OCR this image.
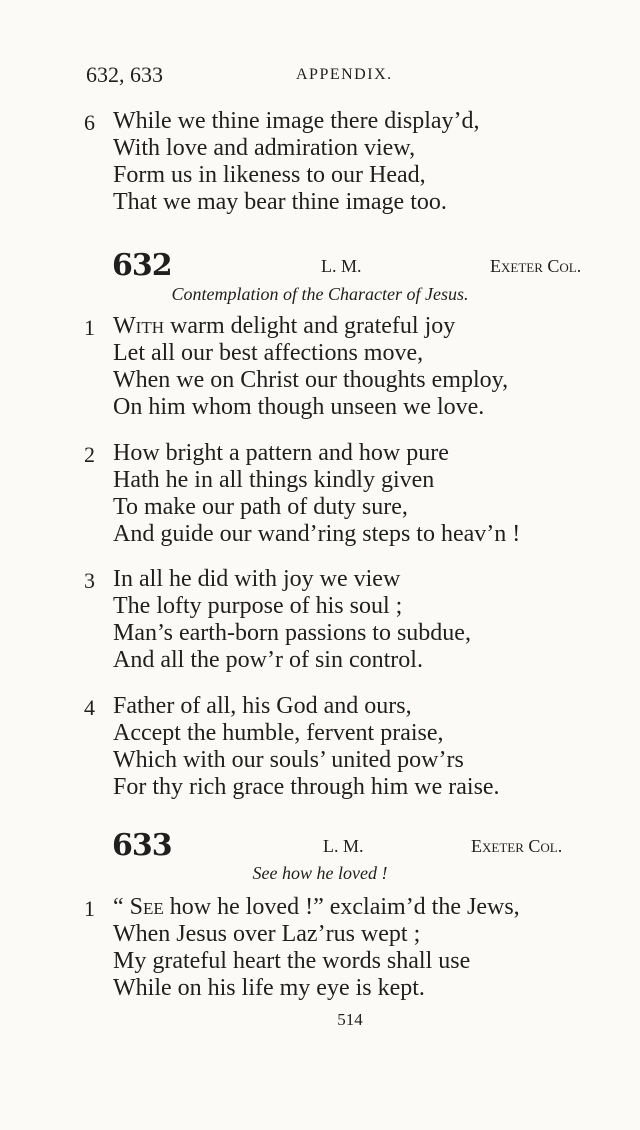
632, 633	APPENDIX.
6 While we thine image there display’d,
With love and admiration view,
Form us in likeness to our Head,
That we may bear thine image too.
632	L. M.	Exeter Col.
Contemplation of the Character of Jesus.
1 With warm delight and grateful joy
Let all our best affections move,
When we on Christ our thoughts employ,
On him whom though unseen we love.
2 How bright a pattern and how pure
Hath he in all things kindly given
To make our path of duty sure,
And guide our wand’ring steps to heav’n !
3 In all he did with joy we view
The lofty purpose of his soul ;
Man’s earth-born passions to subdue,
And all the pow’r of sin control.
4 Father of all, his God and ours,
Accept the humble, fervent praise,
Which with our souls’ united pow’rs
For thy rich grace through him we raise.
633	L. M.	Exeter Col.
See how he loved !
1 “ See how he loved !” exclaim’d the Jews,
When Jesus over Laz’rus wept ;
My grateful heart the words shall use
While on his life my eye is kept.
514
